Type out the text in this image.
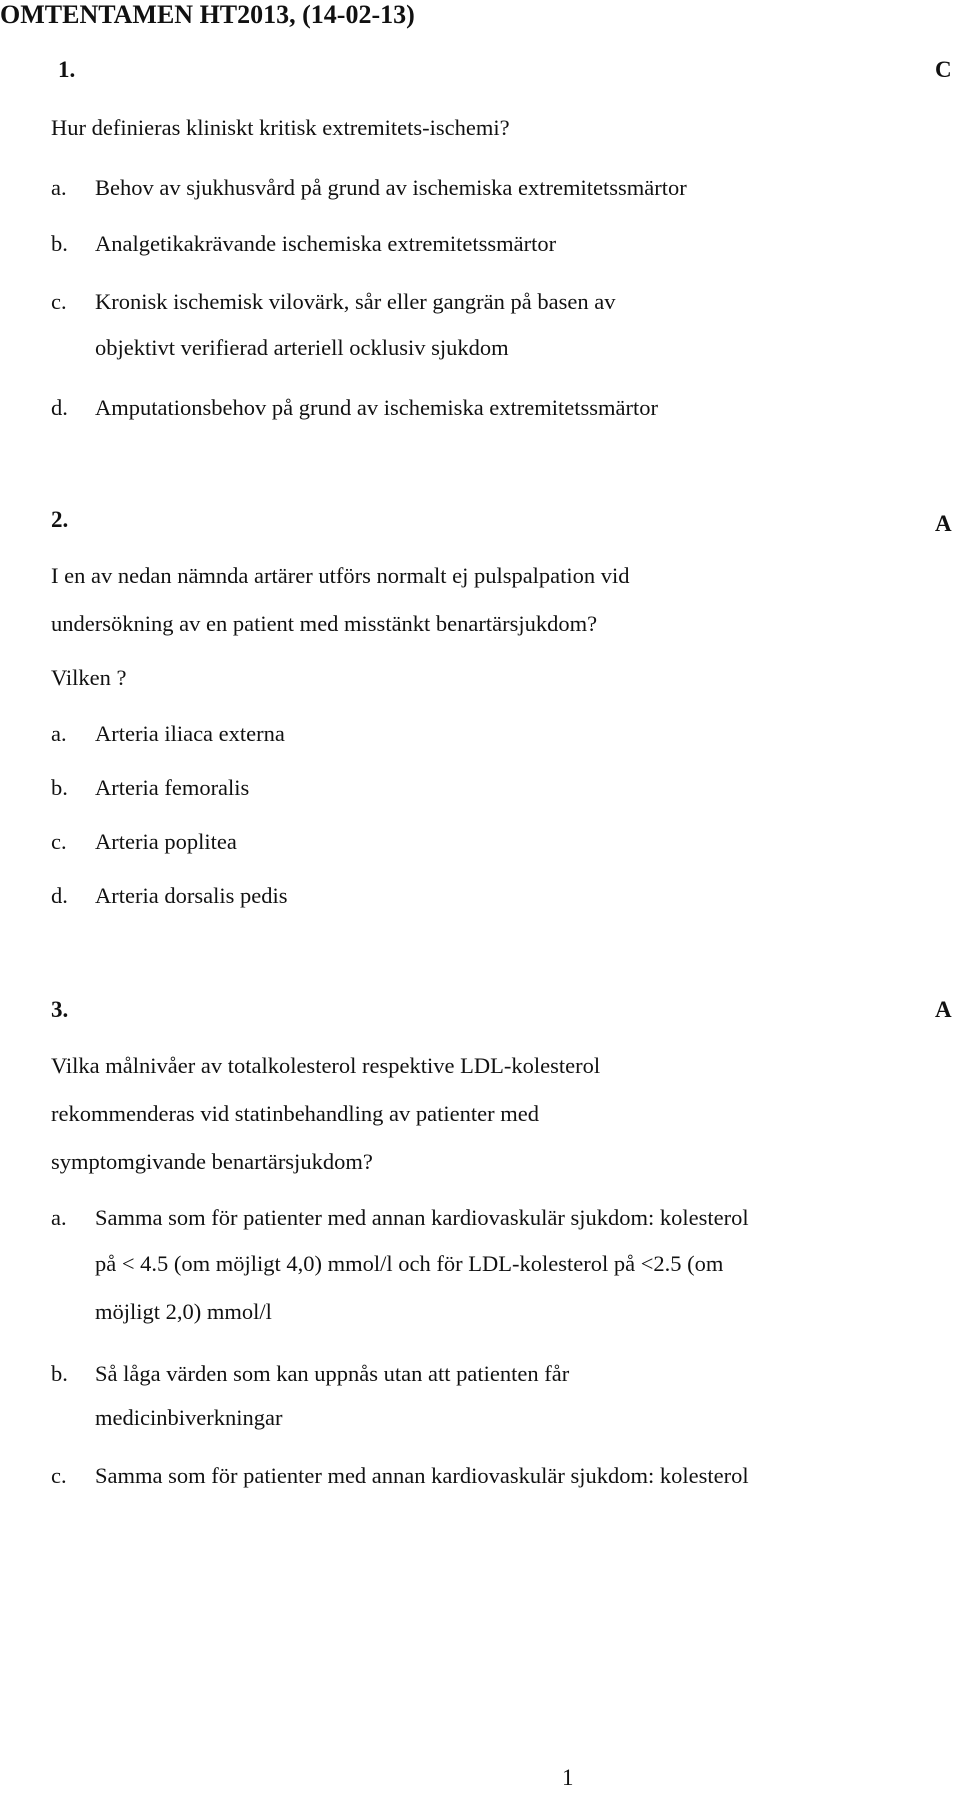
OMTENTAMEN HT2013, (14-02-13)
1.	C
Hur definieras kliniskt kritisk extremitets-ischemi?
a. Behov av sjukhusvård på grund av ischemiska extremitetssmärtor
b. Analgetikakrävande ischemiska extremitetssmärtor
c. Kronisk ischemisk vilovärk, sår eller gangrän på basen av
objektivt verifierad arteriell ocklusiv sjukdom
d. Amputationsbehov på grund av ischemiska extremitetssmärtor
2.	A
I en av nedan nämnda artärer utförs normalt ej pulspalpation vid
undersökning av en patient med misstänkt benartärsjukdom?
Vilken ?
a. Arteria iliaca externa
b. Arteria femoralis
c. Arteria poplitea
d. Arteria dorsalis pedis
3.	A
Vilka målnivåer av totalkolesterol respektive LDL-kolesterol
rekommenderas vid statinbehandling av patienter med
symptomgivande benartärsjukdom?
a. Samma som för patienter med annan kardiovaskulär sjukdom: kolesterol
på < 4.5 (om möjligt 4,0) mmol/l och för LDL-kolesterol på <2.5 (om
möjligt 2,0) mmol/l
b. Så låga värden som kan uppnås utan att patienten får
medicinbiverkningar
c. Samma som för patienter med annan kardiovaskulär sjukdom: kolesterol
1
